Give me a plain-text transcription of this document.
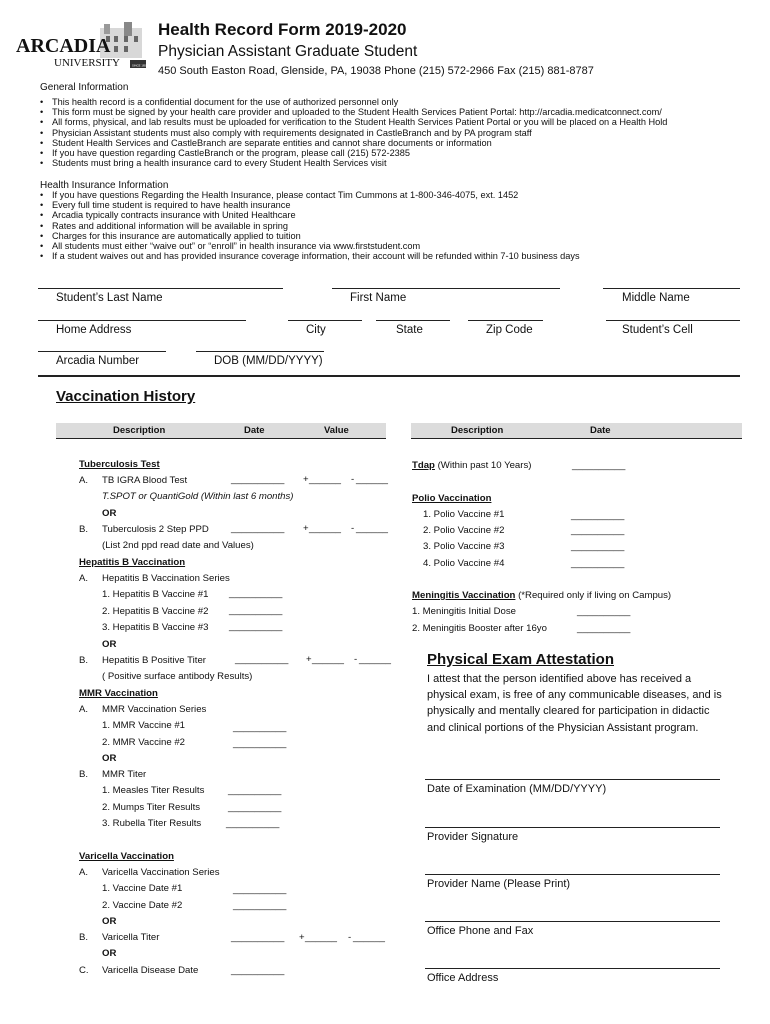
ARCADIA
UNIVERSITY	SINCE 1853
Health Record Form 2019-2020
Physician Assistant Graduate Student
450 South Easton Road, Glenside, PA, 19038 Phone (215) 572-2966 Fax (215) 881-8787
General Information
• This health record is a confidential document for the use of authorized personnel only
• This form must be signed by your health care provider and uploaded to the Student Health Services Patient Portal: http://arcadia.medicatconnect.com/
• All forms, physical, and lab results must be uploaded for verification to the Student Health Services Patient Portal or you will be placed on a Health Hold
• Physician Assistant students must also comply with requirements designated in CastleBranch and by PA program staff
• Student Health Services and CastleBranch are separate entities and cannot share documents or information
• If you have question regarding CastleBranch or the program, please call (215) 572-2385
• Students must bring a health insurance card to every Student Health Services visit
Health Insurance Information
• If you have questions Regarding the Health Insurance, please contact Tim Cummons at 1-800-346-4075, ext. 1452
• Every full time student is required to have health insurance
• Arcadia typically contracts insurance with United Healthcare
• Rates and additional information will be available in spring
• Charges for this insurance are automatically applied to tuition
• All students must either “waive out” or “enroll” in health insurance via www.firststudent.com
• If a student waives out and has provided insurance coverage information, their account will be refunded within 7-10 business days
Student’s Last Name	First Name	Middle Name
Home Address	City	State	Zip Code	Student’s Cell
Arcadia Number	DOB (MM/DD/YYYY)
Vaccination History
Description	Date	Value	Description	Date
Tuberculosis Test
A. TB IGRA Blood Test	__________ + ______ - ______
T.SPOT or QuantiGold (Within last 6 months)
OR
B. Tuberculosis 2 Step PPD __________ + ______ - ______
(List 2nd ppd read date and Values)
Hepatitis B Vaccination
A. Hepatitis B Vaccination Series
1. Hepatitis B Vaccine #1 __________
2. Hepatitis B Vaccine #2 __________
3. Hepatitis B Vaccine #3 __________
OR
B. Hepatitis B Positive Titer	__________ + ______ - ______
( Positive surface antibody Results)
MMR Vaccination
A. MMR Vaccination Series
1. MMR Vaccine #1	__________
2. MMR Vaccine #2	__________
OR
B. MMR Titer
1. Measles Titer Results __________
2. Mumps Titer Results	__________
3. Rubella Titer Results	__________
Varicella Vaccination
A. Varicella Vaccination Series
1. Vaccine Date #1	__________
2. Vaccine Date #2	__________
OR
B. Varicella Titer	__________ + ______ - ______
OR
C. Varicella Disease Date	__________
Tdap (Within past 10 Years)	__________
Polio Vaccination
1. Polio Vaccine #1	__________
2. Polio Vaccine #2	__________
3. Polio Vaccine #3	__________
4. Polio Vaccine #4	__________
Meningitis Vaccination (*Required only if living on Campus)
1. Meningitis Initial Dose	__________
2. Meningitis Booster after 16yo	__________
Physical Exam Attestation
I attest that the person identified above has received a physical exam, is free of any communicable diseases, and is physically and mentally cleared for participation in didactic and clinical portions of the Physician Assistant program.
Date of Examination (MM/DD/YYYY)
Provider Signature
Provider Name (Please Print)
Office Phone and Fax
Office Address
